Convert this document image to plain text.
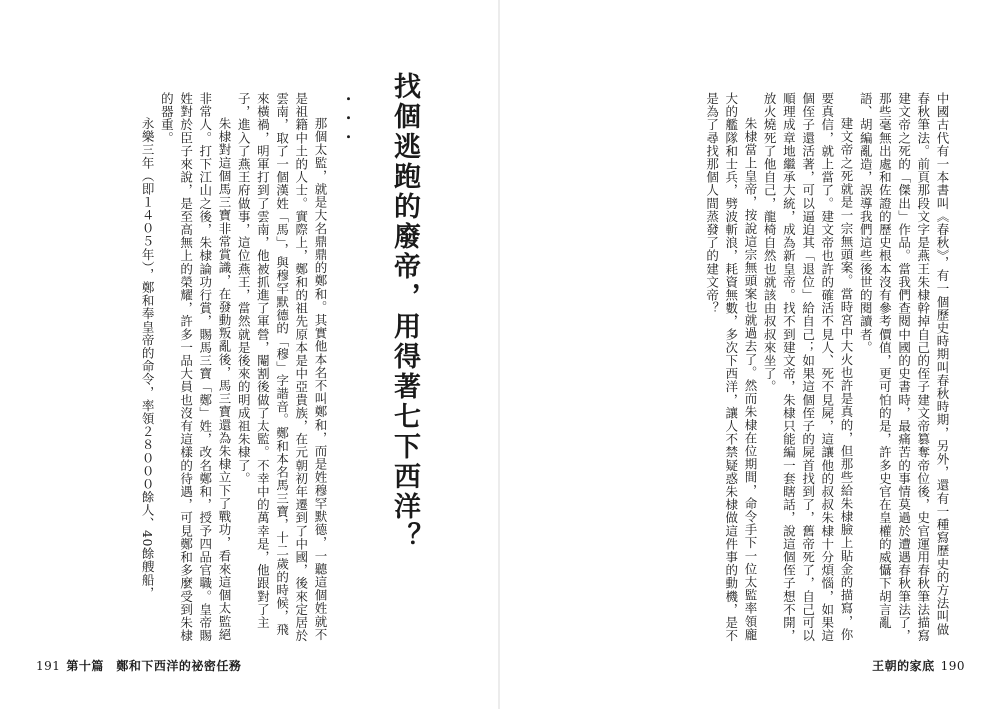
那個太監，就是大名鼎鼎的鄭和。其實他本名不叫鄭和，而是姓穆罕默德，一聽這個姓就不是祖籍中土的人士。實際上，鄭和的祖先原本是中亞貴族，在元朝初年遷到了中國，後來定居於雲南，取了一個漢姓「馬」，與穆罕默德的「穆」字諧音。鄭和本名馬三寶，十二歲的時候，飛來橫禍，明軍打到了雲南，他被抓進了軍營，閹割後做了太監。不幸中的萬幸是，他跟對了主子，進入了燕王府做事，這位燕王，當然就是後來的明成祖朱棣了。

朱棣對這個馬三寶非常賞識，在發動叛亂後，馬三寶還為朱棣立下了戰功，看來這個太監絕非常人。打下江山之後，朱棣論功行賞，賜馬三寶「鄭」姓，改名鄭和，授予四品官職。皇帝賜姓對於臣子來說，是至高無上的榮耀，許多一品大員也沒有這樣的待遇，可見鄭和多麼受到朱棣的器重。

永樂三年（即１４０５年），鄭和奉皇帝的命令，率領２８０００餘人、40餘艘船，	・・・ 找個逃跑的廢帝，用得著七下西洋？
191 第十篇　鄭和下西洋的祕密任務

中國古代有一本書叫《春秋》，有一個歷史時期叫春秋時期，另外，還有一種寫歷史的方法叫做春秋筆法。前頁那段文字是燕王朱棣幹掉自己的侄子建文帝篡奪帝位後，史官運用春秋筆法描寫建文帝之死的「傑出」作品。當我們查閱中國的史書時，最痛苦的事情莫過於遭遇春秋筆法了，那些毫無出處和佐證的歷史根本沒有參考價值，更可怕的是，許多史官在皇權的威懾下胡言亂語、胡編亂造，誤導我們這些後世的閱讀者。

建文帝之死就是一宗無頭案。當時宮中大火也許是真的，但那些給朱棣臉上貼金的描寫，你要真信，就上當了。建文帝也許的確活不見人、死不見屍，這讓他的叔叔朱棣十分煩惱，如果這個侄子還活著，可以逼迫其「退位」給自己；如果這個侄子的屍首找到了，舊帝死了，自己可以順理成章地繼承大統，成為新皇帝。找不到建文帝，朱棣只能編一套瞎話，說這個侄子想不開，放火燒死了他自己，龍椅自然也就該由叔叔來坐了。

朱棣當上皇帝，按說這宗無頭案也就過去了。然而朱棣在位期間，命令手下一位太監率領龐大的艦隊和士兵，劈波斬浪，耗資無數，多次下西洋，讓人不禁疑惑朱棣做這件事的動機，是不是為了尋找那個人間蒸發了的建文帝？

王朝的家底 190
